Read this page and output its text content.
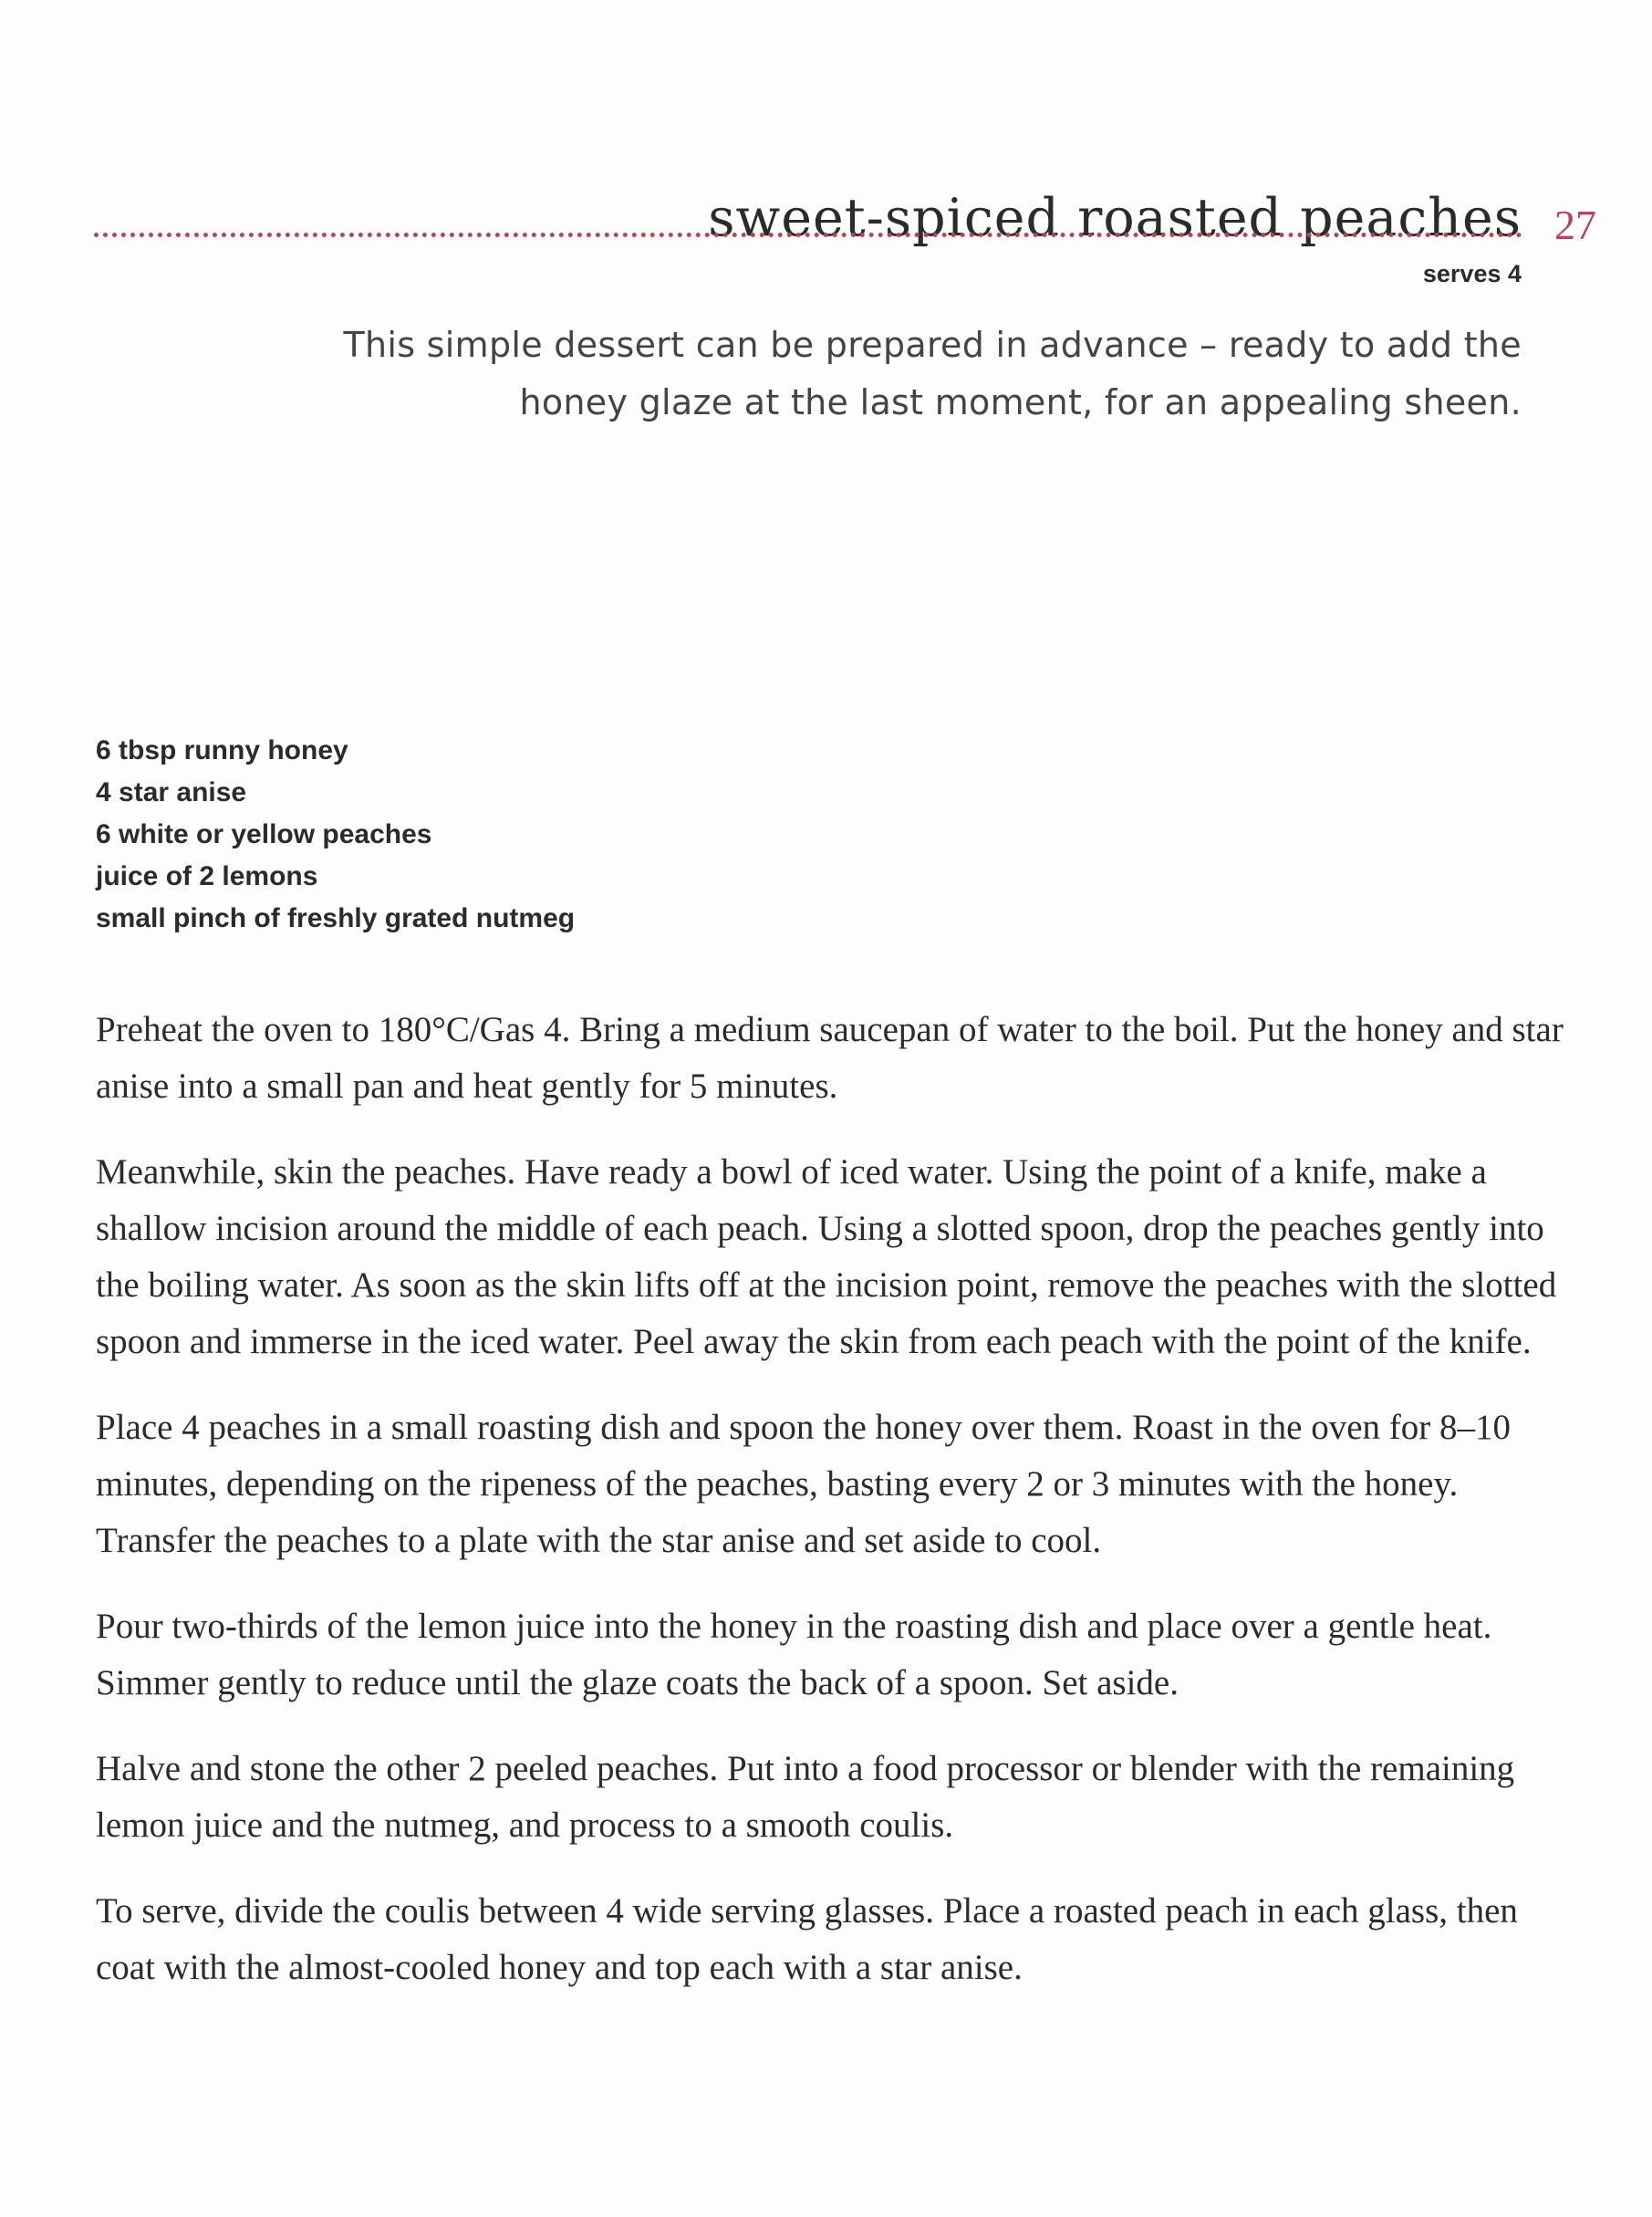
sweet-spiced roasted peaches 27
serves 4
This simple dessert can be prepared in advance – ready to add the
honey glaze at the last moment, for an appealing sheen.
6 tbsp runny honey
4 star anise
6 white or yellow peaches
juice of 2 lemons
small pinch of freshly grated nutmeg

Preheat the oven to 180°C/Gas 4. Bring a medium saucepan of water to the boil. Put the honey and star anise into a small pan and heat gently for 5 minutes.

Meanwhile, skin the peaches. Have ready a bowl of iced water. Using the point of a knife, make a shallow incision around the middle of each peach. Using a slotted spoon, drop the peaches gently into the boiling water. As soon as the skin lifts off at the incision point, remove the peaches with the slotted spoon and immerse in the iced water. Peel away the skin from each peach with the point of the knife.

Place 4 peaches in a small roasting dish and spoon the honey over them. Roast in the oven for 8–10 minutes, depending on the ripeness of the peaches, basting every 2 or 3 minutes with the honey. Transfer the peaches to a plate with the star anise and set aside to cool.

Pour two-thirds of the lemon juice into the honey in the roasting dish and place over a gentle heat. Simmer gently to reduce until the glaze coats the back of a spoon. Set aside.

Halve and stone the other 2 peeled peaches. Put into a food processor or blender with the remaining lemon juice and the nutmeg, and process to a smooth coulis.

To serve, divide the coulis between 4 wide serving glasses. Place a roasted peach in each glass, then coat with the almost-cooled honey and top each with a star anise.
